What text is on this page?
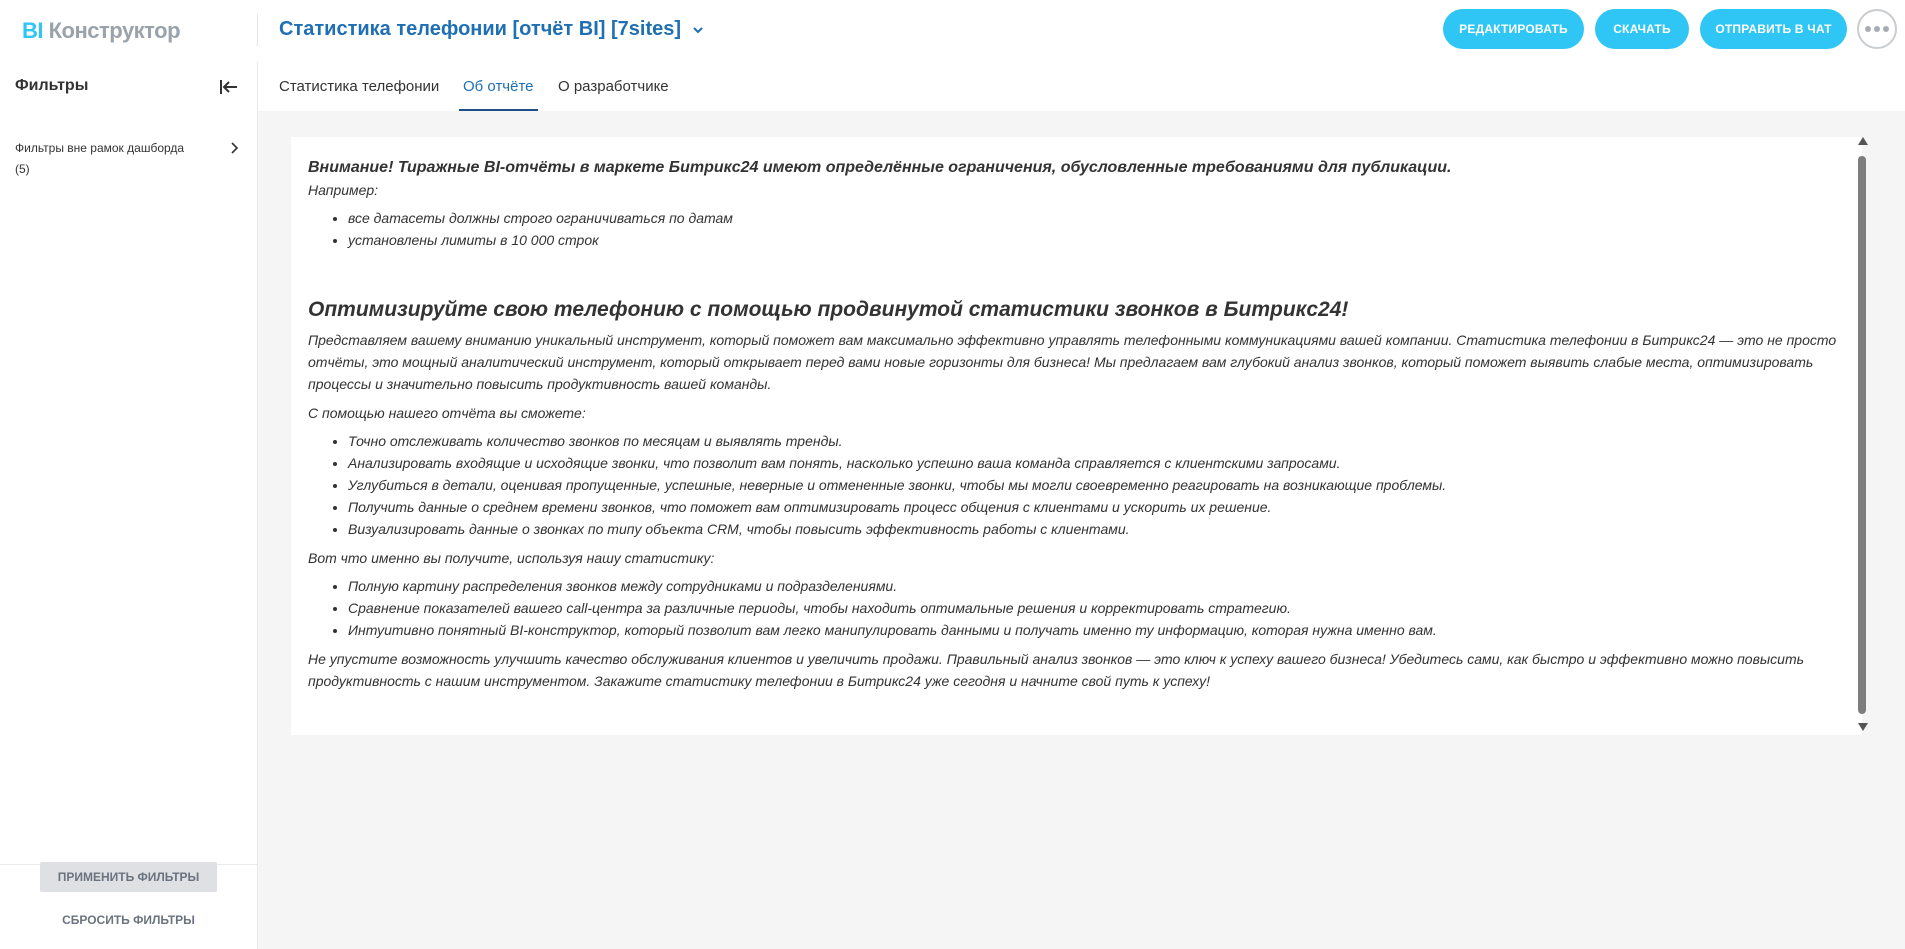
BI Конструктор	Статистика телефонии [отчёт BI] [7sites]	РЕДАКТИРОВАТЬ	СКАЧАТЬ	ОТПРАВИТЬ В ЧАТ
Фильтры
Фильтры вне рамок дашборда
(5)
ПРИМЕНИТЬ ФИЛЬТРЫ
СБРОСИТЬ ФИЛЬТРЫ
Статистика телефонии Об отчёте О разработчике
Внимание! Тиражные BI-отчёты в маркете Битрикс24 имеют определённые ограничения, обусловленные требованиями для публикации.
Например:
• все датасеты должны строго ограничиваться по датам
• установлены лимиты в 10 000 строк
Оптимизируйте свою телефонию с помощью продвинутой статистики звонков в Битрикс24!
Представляем вашему вниманию уникальный инструмент, который поможет вам максимально эффективно управлять телефонными коммуникациями вашей компании. Статистика телефонии в Битрикс24 — это не просто отчёты, это мощный аналитический инструмент, который открывает перед вами новые горизонты для бизнеса! Мы предлагаем вам глубокий анализ звонков, который поможет выявить слабые места, оптимизировать процессы и значительно повысить продуктивность вашей команды.
С помощью нашего отчёта вы сможете:
• Точно отслеживать количество звонков по месяцам и выявлять тренды.
• Анализировать входящие и исходящие звонки, что позволит вам понять, насколько успешно ваша команда справляется с клиентскими запросами.
• Углубиться в детали, оценивая пропущенные, успешные, неверные и отмененные звонки, чтобы мы могли своевременно реагировать на возникающие проблемы.
• Получить данные о среднем времени звонков, что поможет вам оптимизировать процесс общения с клиентами и ускорить их решение.
• Визуализировать данные о звонках по типу объекта CRM, чтобы повысить эффективность работы с клиентами.
Вот что именно вы получите, используя нашу статистику:
• Полную картину распределения звонков между сотрудниками и подразделениями.
• Сравнение показателей вашего call-центра за различные периоды, чтобы находить оптимальные решения и корректировать стратегию.
• Интуитивно понятный BI-конструктор, который позволит вам легко манипулировать данными и получать именно ту информацию, которая нужна именно вам.
Не упустите возможность улучшить качество обслуживания клиентов и увеличить продажи. Правильный анализ звонков — это ключ к успеху вашего бизнеса! Убедитесь сами, как быстро и эффективно можно повысить продуктивность с нашим инструментом. Закажите статистику телефонии в Битрикс24 уже сегодня и начните свой путь к успеху!
